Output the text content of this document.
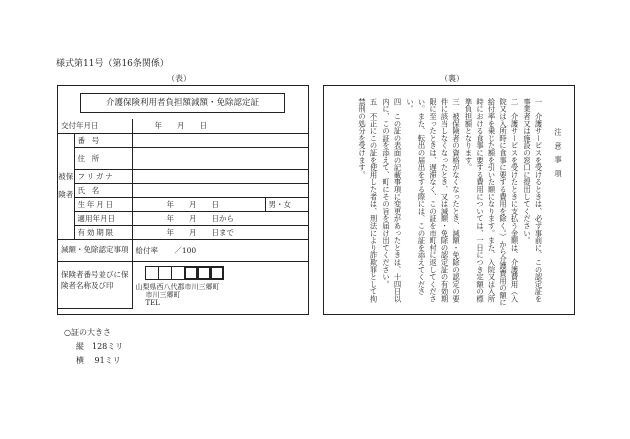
様式第11号（第16条関係）
（表）	（裏）
介護保険利用者負担額減額・免除認定証
交付年月日		年　　月　　日	
被保険者	番号		
	住所		
	フリガナ		
	氏名		
	生年月日	年　　月　　日	男・女
	適用年月日	年　　月　　日から	
	有効期限	年　　月　　日まで	
減額・免除認定事項		給付率 ／100	
保険者番号並びに保険者名称及び印		山梨県西八代郡市川三郷町
市川三郷町
TEL	
○証の大きさ
縦　128ミリ
横　 91ミリ

注意事項

一　介護サービスを受けるときは、必ず事前に、この認定証を事業者又は施設の窓口に提出してください。

二　介護サービスを受けたときに支払う金額は、介護費用（入院又は入所時に食事に要する費用を除く。）から介護費用の額に給付率を乗じた額を引いた額になります。また、入院又は入所時における食事に要する費用については、一日につき定額の標準負担額となります。

三　被保険者の資格がなくなったとき、減額・免除の認定の要件に該当しなくなったとき、又は減額・免除の認定証の有効期限に至ったときは、遅滞なく、この証を市町村に返してください。また、転出の届出をする際には、この証を添えてください。

四　この証の表面の記載事項に変更があったときは、十四日以内に、この証を添えて、町にその旨を届け出てください。

五　不正にこの証を使用した者は、刑法により詐欺罪として拘禁刑の処分を受けます。
